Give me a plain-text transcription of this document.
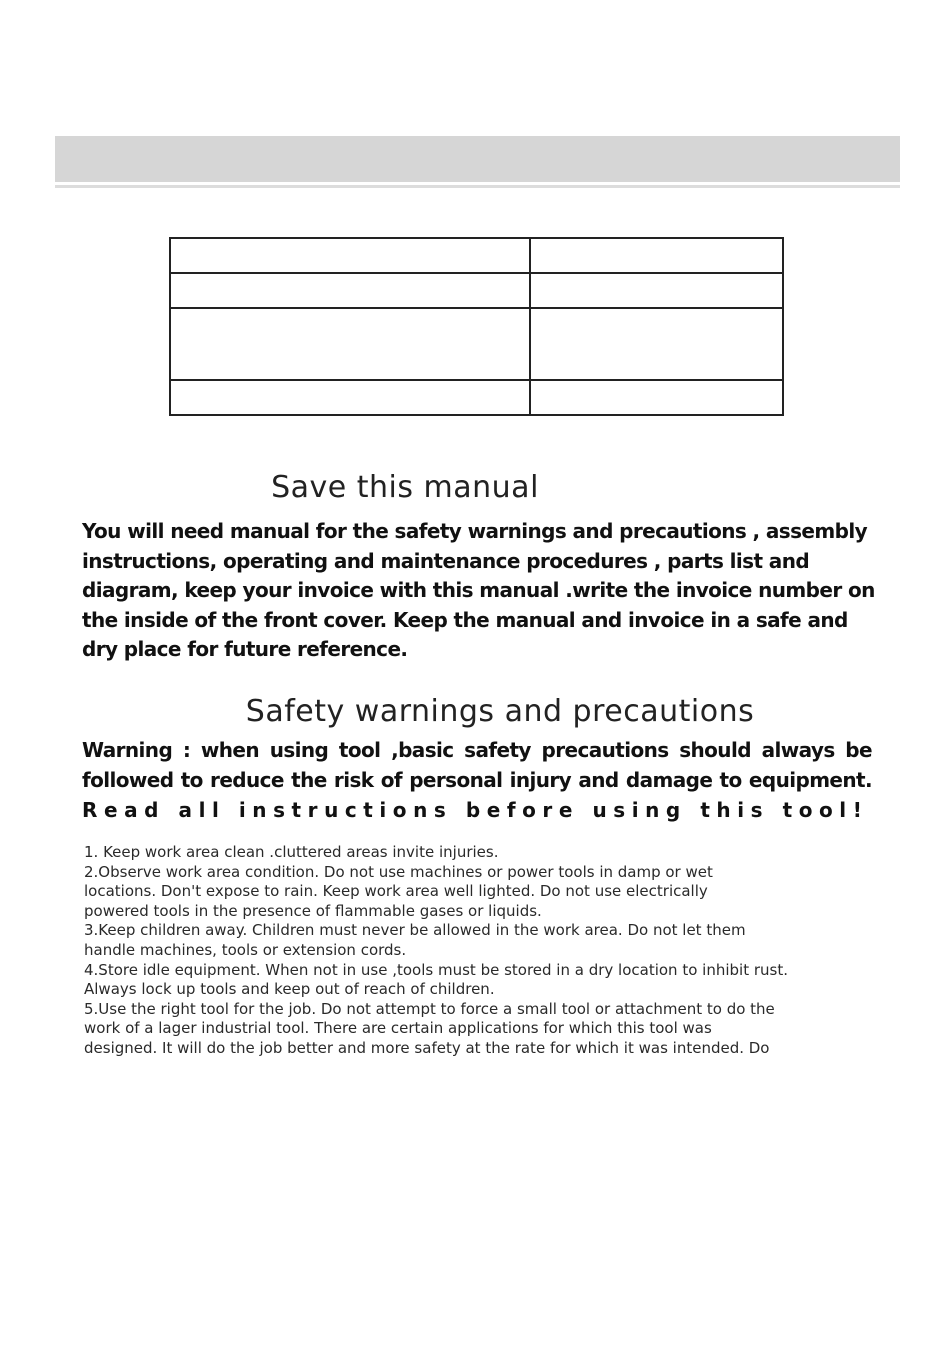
Save this manual
You will need manual for the safety warnings and precautions , assembly
instructions, operating and maintenance procedures , parts list and
diagram, keep your invoice with this manual .write the invoice number on
the inside of the front cover. Keep the manual and invoice in a safe and
dry place for future reference.
Safety warnings and precautions
Warning : when using tool ,basic safety precautions should always be
followed to reduce the risk of personal injury and damage to equipment.
R e a d
a l l
i n s t r u c t i o n s
b e f o r e
u s i n g
t h i s
t o o l !
1. Keep work area clean .cluttered areas invite injuries.
2.Observe work area condition. Do not use machines or power tools in damp or wet
locations. Don't expose to rain. Keep work area well lighted. Do not use electrically
powered tools in the presence of flammable gases or liquids.
3.Keep children away. Children must never be allowed in the work area. Do not let them
handle machines, tools or extension cords.
4.Store idle equipment. When not in use ,tools must be stored in a dry location to inhibit rust.
Always lock up tools and keep out of reach of children.
5.Use the right tool for the job. Do not attempt to force a small tool or attachment to do the
work of a lager industrial tool. There are certain applications for which this tool was
designed. It will do the job better and more safety at the rate for which it was intended. Do
